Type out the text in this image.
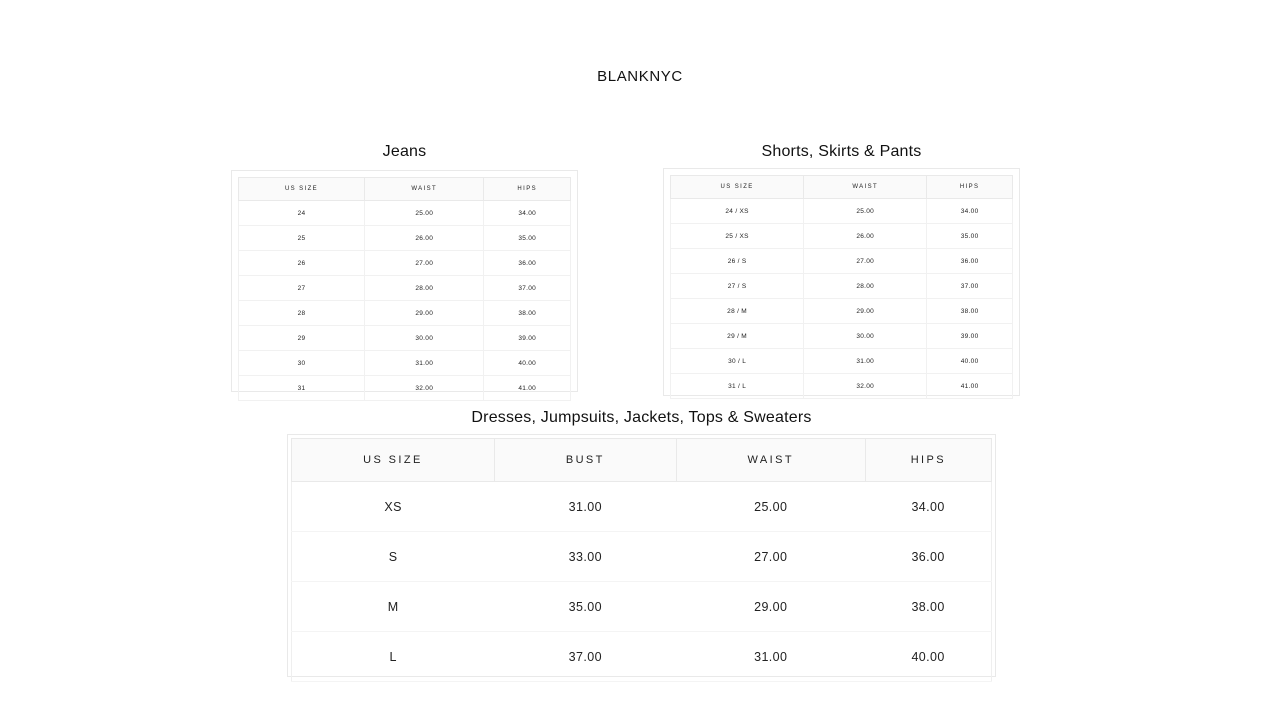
BLANKNYC
Jeans
US SIZE	WAIST	HIPS
24	25.00	34.00
25	26.00	35.00
26	27.00	36.00
27	28.00	37.00
28	29.00	38.00
29	30.00	39.00
30	31.00	40.00
31	32.00	41.00
Shorts, Skirts & Pants
US SIZE	WAIST	HIPS
24 / XS	25.00	34.00
25 / XS	26.00	35.00
26 / S	27.00	36.00
27 / S	28.00	37.00
28 / M	29.00	38.00
29 / M	30.00	39.00
30 / L	31.00	40.00
31 / L	32.00	41.00
Dresses, Jumpsuits, Jackets, Tops & Sweaters
US SIZE	BUST	WAIST	HIPS
XS	31.00	25.00	34.00
S	33.00	27.00	36.00
M	35.00	29.00	38.00
L	37.00	31.00	40.00
